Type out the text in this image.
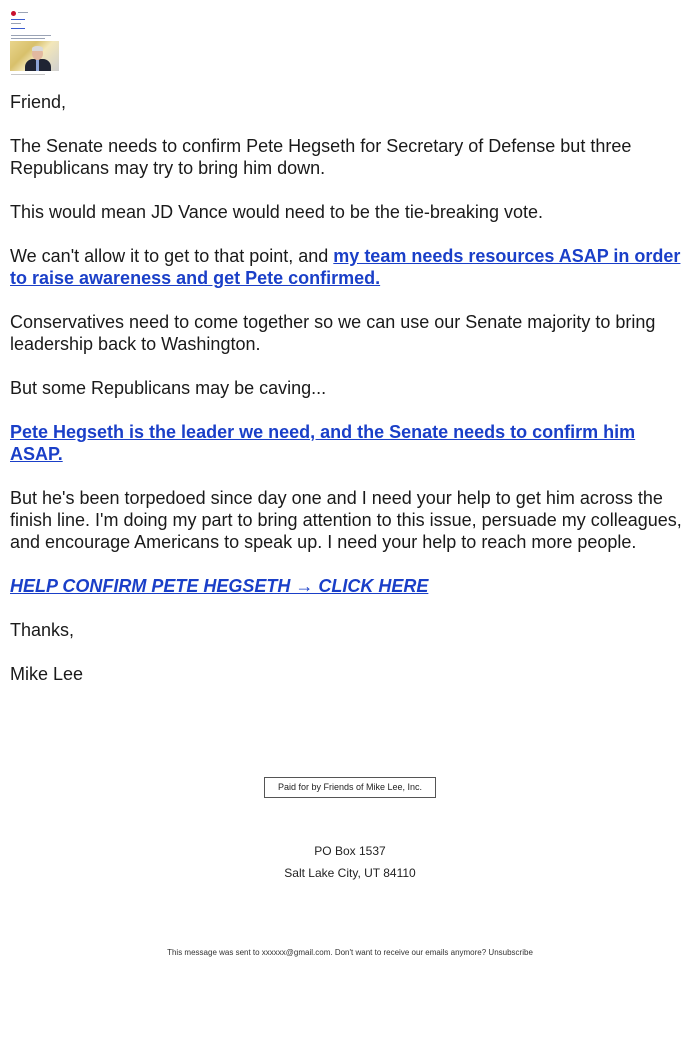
Friend,

The Senate needs to confirm Pete Hegseth for Secretary of Defense but three Republicans may try to bring him down.

This would mean JD Vance would need to be the tie-breaking vote.

We can't allow it to get to that point, and my team needs resources ASAP in order to raise awareness and get Pete confirmed.

Conservatives need to come together so we can use our Senate majority to bring leadership back to Washington.

But some Republicans may be caving...

Pete Hegseth is the leader we need, and the Senate needs to confirm him ASAP.

But he's been torpedoed since day one and I need your help to get him across the finish line. I'm doing my part to bring attention to this issue, persuade my colleagues, and encourage Americans to speak up. I need your help to reach more people.

HELP CONFIRM PETE HEGSETH → CLICK HERE

Thanks,

Mike Lee

Paid for by Friends of Mike Lee, Inc.
PO Box 1537
Salt Lake City, UT 84110
This message was sent to xxxxxx@gmail.com. Don't want to receive our emails anymore? Unsubscribe
